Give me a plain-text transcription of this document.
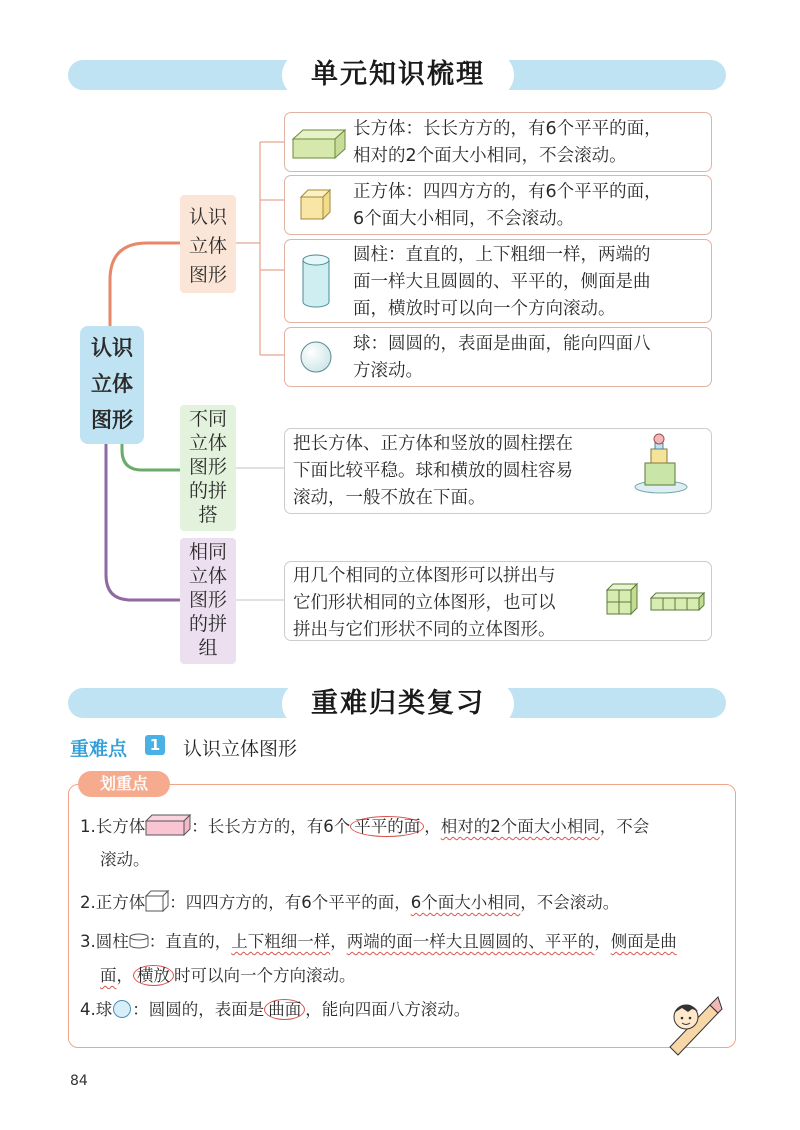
单元知识梳理
认识
立体
图形
认识
立体
图形
不同
立体
图形
的拼
搭
相同
立体
图形
的拼
组
长方体：长长方方的，有6个平平的面，
相对的2个面大小相同，不会滚动。
正方体：四四方方的，有6个平平的面，
6个面大小相同，不会滚动。
圆柱：直直的，上下粗细一样，两端的
面一样大且圆圆的、平平的，侧面是曲
面，横放时可以向一个方向滚动。
球：圆圆的，表面是曲面，能向四面八
方滚动。
把长方体、正方体和竖放的圆柱摆在
下面比较平稳。球和横放的圆柱容易
滚动，一般不放在下面。
用几个相同的立体图形可以拼出与
它们形状相同的立体图形，也可以
拼出与它们形状不同的立体图形。
重难归类复习
重难点	1 认识立体图形
划重点
1.长方体	：长长方方的，有6个 平平的面 ，相对的2个面大小相同，不会
滚动。
2.正方体 ：四四方方的，有6个平平的面，6个面大小相同，不会滚动。
3.圆柱 ：直直的，上下粗细一样，两端的面一样大且圆圆的、平平的，侧面是曲
面， 横放 时可以向一个方向滚动。
4.球 ：圆圆的，表面是 曲面 ，能向四面八方滚动。
84
